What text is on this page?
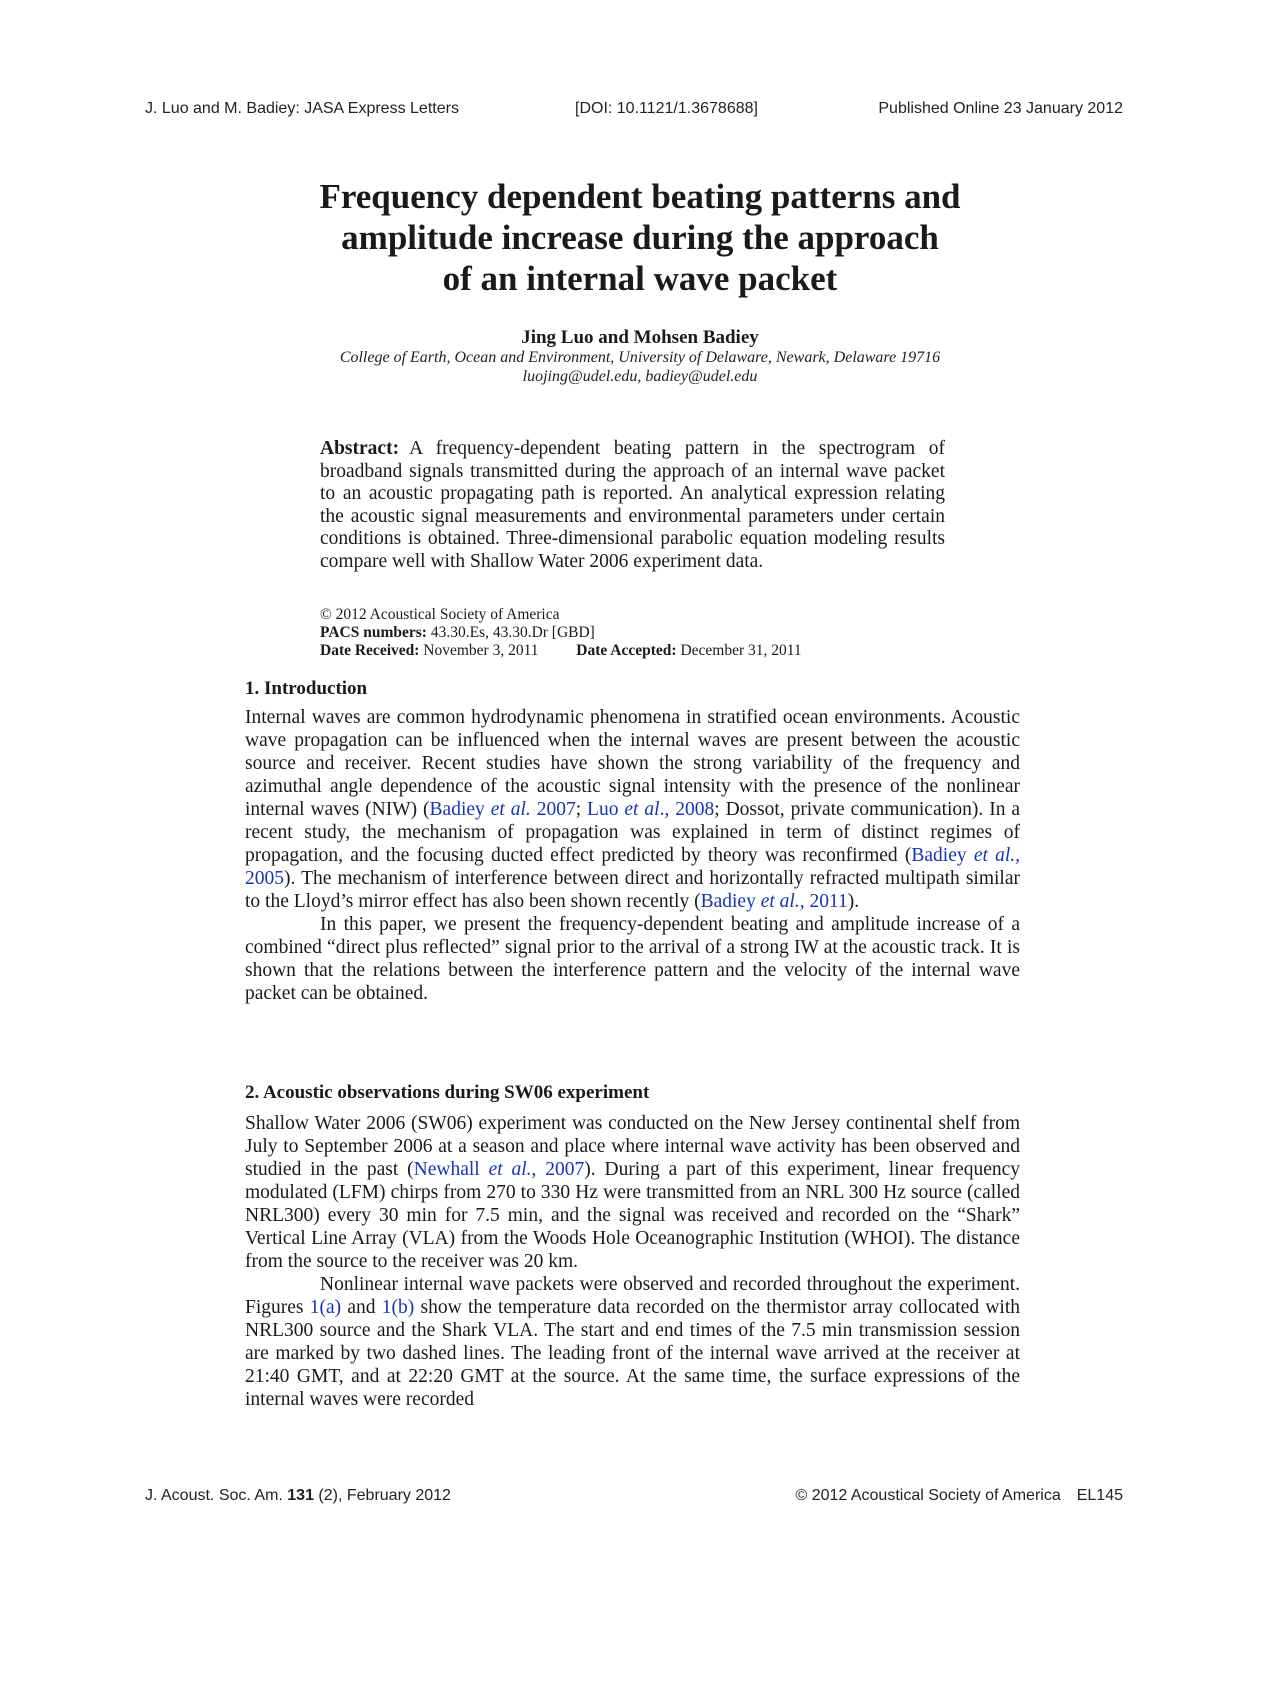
J. Luo and M. Badiey: JASA Express Letters	[DOI: 10.1121/1.3678688]	Published Online 23 January 2012
Frequency dependent beating patterns and
amplitude increase during the approach
of an internal wave packet

Jing Luo and Mohsen Badiey

College of Earth, Ocean and Environment, University of Delaware, Newark, Delaware 19716

luojing@udel.edu, badiey@udel.edu

Abstract: A frequency-dependent beating pattern in the spectrogram of broadband signals transmitted during the approach of an internal wave packet to an acoustic propagating path is reported. An analytical expression relating the acoustic signal measurements and environmental parameters under certain conditions is obtained. Three-dimensional parabolic equation modeling results compare well with Shallow Water 2006 experiment data.

© 2012 Acoustical Society of America
PACS numbers: 43.30.Es, 43.30.Dr [GBD]
Date Received: November 3, 2011 Date Accepted: December 31, 2011
1. Introduction

Internal waves are common hydrodynamic phenomena in stratified ocean environments. Acoustic wave propagation can be influenced when the internal waves are present between the acoustic source and receiver. Recent studies have shown the strong variability of the frequency and azimuthal angle dependence of the acoustic signal intensity with the presence of the nonlinear internal waves (NIW) (Badiey et al. 2007; Luo et al., 2008; Dossot, private communication). In a recent study, the mechanism of propagation was explained in term of distinct regimes of propagation, and the focusing ducted effect predicted by theory was reconfirmed (Badiey et al., 2005). The mechanism of interference between direct and horizontally refracted multipath similar to the Lloyd’s mirror effect has also been shown recently (Badiey et al., 2011).

In this paper, we present the frequency-dependent beating and amplitude increase of a combined “direct plus reflected” signal prior to the arrival of a strong IW at the acoustic track. It is shown that the relations between the interference pattern and the velocity of the internal wave packet can be obtained.

2. Acoustic observations during SW06 experiment

Shallow Water 2006 (SW06) experiment was conducted on the New Jersey continental shelf from July to September 2006 at a season and place where internal wave activity has been observed and studied in the past (Newhall et al., 2007). During a part of this experiment, linear frequency modulated (LFM) chirps from 270 to 330 Hz were transmitted from an NRL 300 Hz source (called NRL300) every 30 min for 7.5 min, and the signal was received and recorded on the “Shark” Vertical Line Array (VLA) from the Woods Hole Oceanographic Institution (WHOI). The distance from the source to the receiver was 20 km.

Nonlinear internal wave packets were observed and recorded throughout the experiment. Figures 1(a) and 1(b) show the temperature data recorded on the thermistor array collocated with NRL300 source and the Shark VLA. The start and end times of the 7.5 min transmission session are marked by two dashed lines. The leading front of the internal wave arrived at the receiver at 21:40 GMT, and at 22:20 GMT at the source. At the same time, the surface expressions of the internal waves were recorded

J. Acoust. Soc. Am. 131 (2), February 2012	© 2012 Acoustical Society of America EL145
